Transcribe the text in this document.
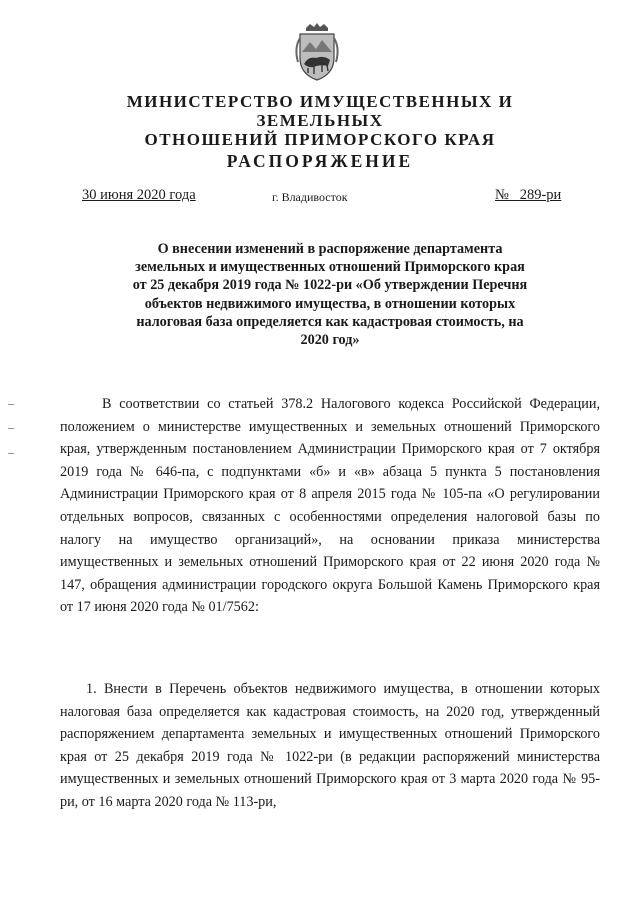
МИНИСТЕРСТВО ИМУЩЕСТВЕННЫХ И ЗЕМЕЛЬНЫХ
ОТНОШЕНИЙ ПРИМОРСКОГО КРАЯ
РАСПОРЯЖЕНИЕ
30 июня 2020 года	г. Владивосток	№   289-ри
О внесении изменений в распоряжение департамента земельных и имущественных отношений Приморского края от 25 декабря 2019 года № 1022-ри «Об утверждении Перечня объектов недвижимого имущества, в отношении которых налоговая база определяется как кадастровая стоимость, на 2020 год»

В соответствии со статьей 378.2 Налогового кодекса Российской Федерации, положением о министерстве имущественных и земельных отношений Приморского края, утвержденным постановлением Администрации Приморского края от 7 октября 2019 года № 646-па, с подпунктами «б» и «в» абзаца 5 пункта 5 постановления Администрации Приморского края от 8 апреля 2015 года № 105-па «О регулировании отдельных вопросов, связанных с особенностями определения налоговой базы по налогу на имущество организаций», на основании приказа министерства имущественных и земельных отношений Приморского края от 22 июня 2020 года № 147, обращения администрации городского округа Большой Камень Приморского края от 17 июня 2020 года № 01/7562:

1. Внести в Перечень объектов недвижимого имущества, в отношении которых налоговая база определяется как кадастровая стоимость, на 2020 год, утвержденный распоряжением департамента земельных и имущественных отношений Приморского края от 25 декабря 2019 года № 1022-ри (в редакции распоряжений министерства имущественных и земельных отношений Приморского края от 3 марта 2020 года № 95-ри, от 16 марта 2020 года № 113-ри,
